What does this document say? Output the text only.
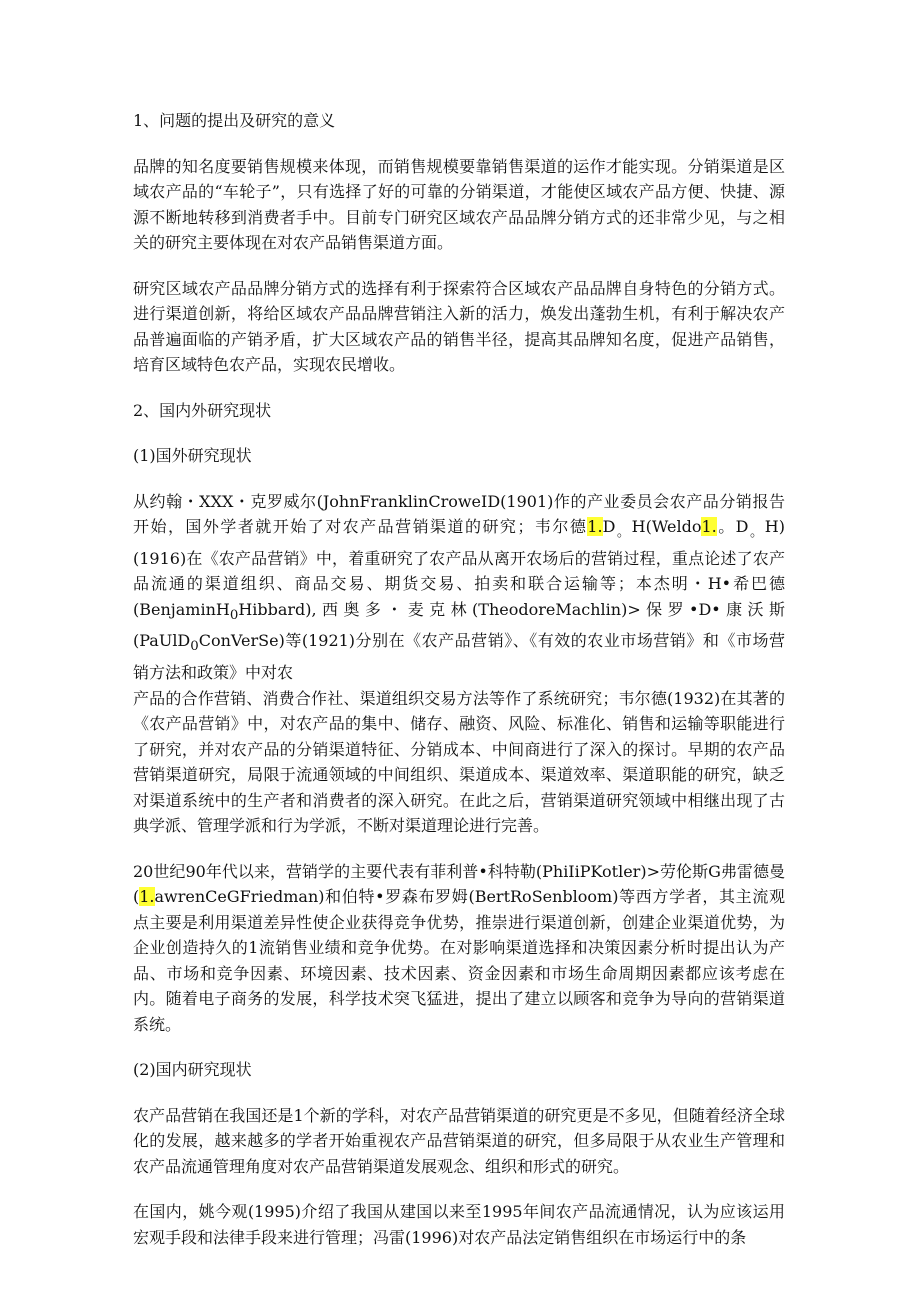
1、问题的提出及研究的意义

品牌的知名度要销售规模来体现，而销售规模要靠销售渠道的运作才能实现。分销渠道是区域农产品的“车轮子”，只有选择了好的可靠的分销渠道，才能使区域农产品方便、快捷、源源不断地转移到消费者手中。目前专门研究区域农产品品牌分销方式的还非常少见，与之相关的研究主要体现在对农产品销售渠道方面。

研究区域农产品品牌分销方式的选择有利于探索符合区域农产品品牌自身特色的分销方式。进行渠道创新，将给区域农产品品牌营销注入新的活力，焕发出蓬勃生机，有利于解决农产品普遍面临的产销矛盾，扩大区域农产品的销售半径，提高其品牌知名度，促进产品销售，培育区域特色农产品，实现农民增收。

2、国内外研究现状

(1)国外研究现状

从约翰・XXX・克罗威尔(JohnFranklinCroweID(1901)作的产业委员会农产品分销报告开始，国外学者就开始了对农产品营销渠道的研究；韦尔德$1.D_。H(Weldo1$.。$D_。H)(1916)$在《农产品营销》中，着重研究了农产品从离开农场后的营销过程，重点论述了农产品流通的渠道组织、商品交易、期货交易、拍卖和联合运输等；本杰明・H•希巴德(BenjaminH$_0$Hibbard),西奥多・麦克林(TheodoreMachlin)>保罗•D•康沃斯(PaUlD$_0$ConVerSe)等(1921)分别在《农产品营销》、《有效的农业市场营销》和《市场营销方法和政策》中对农

产品的合作营销、消费合作社、渠道组织交易方法等作了系统研究；韦尔德(1932)在其著的《农产品营销》中，对农产品的集中、储存、融资、风险、标准化、销售和运输等职能进行了研究，并对农产品的分销渠道特征、分销成本、中间商进行了深入的探讨。早期的农产品营销渠道研究，局限于流通领域的中间组织、渠道成本、渠道效率、渠道职能的研究，缺乏对渠道系统中的生产者和消费者的深入研究。在此之后，营销渠道研究领域中相继出现了古典学派、管理学派和行为学派，不断对渠道理论进行完善。

20世纪90年代以来，营销学的主要代表有菲利普•科特勒(PhiIiPKotler)>劳伦斯G弗雷德曼(1.awrenCeGFriedman)和伯特•罗森布罗姆(BertRoSenbloom)等西方学者，其主流观点主要是利用渠道差异性使企业获得竞争优势，推崇进行渠道创新，创建企业渠道优势，为企业创造持久的1流销售业绩和竞争优势。在对影响渠道选择和决策因素分析时提出认为产品、市场和竞争因素、环境因素、技术因素、资金因素和市场生命周期因素都应该考虑在内。随着电子商务的发展，科学技术突飞猛进，提出了建立以顾客和竞争为导向的营销渠道系统。

(2)国内研究现状

农产品营销在我国还是1个新的学科，对农产品营销渠道的研究更是不多见，但随着经济全球化的发展，越来越多的学者开始重视农产品营销渠道的研究，但多局限于从农业生产管理和农产品流通管理角度对农产品营销渠道发展观念、组织和形式的研究。

在国内，姚今观(1995)介绍了我国从建国以来至1995年间农产品流通情况，认为应该运用宏观手段和法律手段来进行管理；冯雷(1996)对农产品法定销售组织在市场运行中的条
